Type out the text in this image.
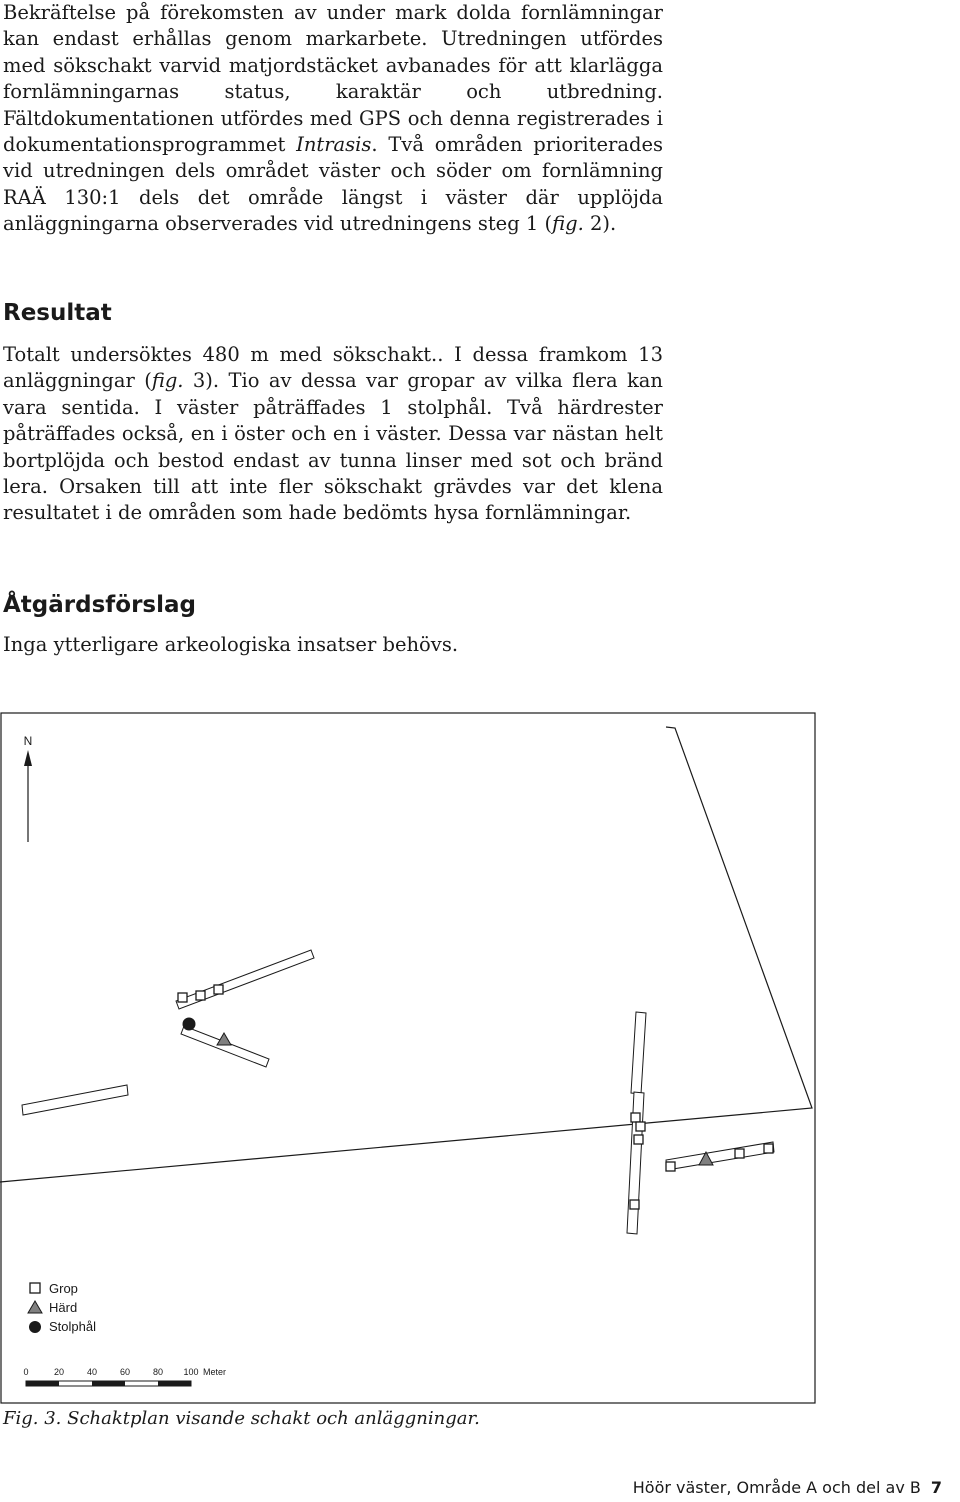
Bekräftelse på förekomsten av under mark dolda fornlämningar kan endast erhållas genom markarbete. Utredningen utfördes med sökschakt varvid matjordstäcket avbanades för att klarlägga fornlämningarnas status, karaktär och utbredning. Fältdokumentationen utfördes med GPS och denna registrerades i dokumentationsprogrammet Intrasis. Två områden prioriterades vid utredningen dels området väster och söder om fornlämning RAÄ 130:1 dels det område längst i väster där upplöjda anläggningarna observerades vid utredningens steg 1 (fig. 2).

Resultat

Totalt undersöktes 480 m med sökschakt.. I dessa framkom 13 anläggningar (fig. 3). Tio av dessa var gropar av vilka flera kan vara sentida. I väster påträffades 1 stolphål. Två härdrester påträffades också, en i öster och en i väster. Dessa var nästan helt bortplöjda och bestod endast av tunna linser med sot och bränd lera. Orsaken till att inte fler sökschakt grävdes var det klena resultatet i de områden som hade bedömts hysa fornlämningar.

Åtgärdsförslag

Inga ytterligare arkeologiska insatser behövs.

N
Grop
Härd
Stolphål
0	20	40	60	80 100 Meter

Fig. 3. Schaktplan visande schakt och anläggningar.

Höör väster, Område A och del av B 7
